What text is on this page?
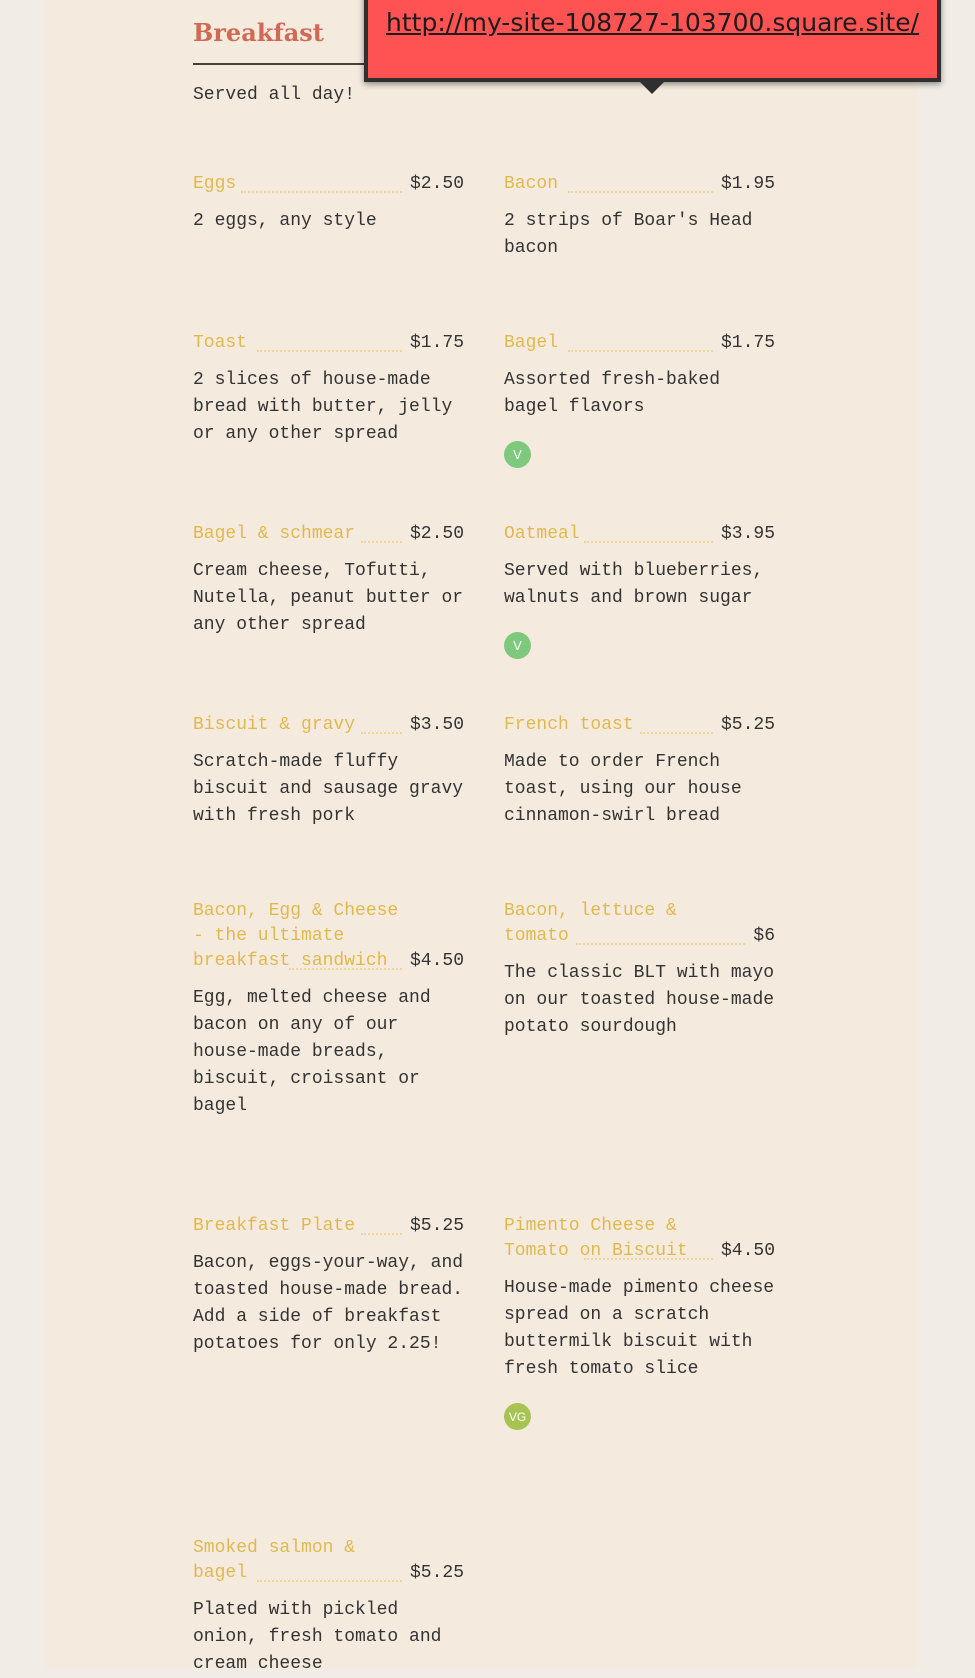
Breakfast
Served all day!
Eggs	$2.50
2 eggs, any style
Bacon	$1.95
2 strips of Boar's Head bacon
Toast	$1.75
2 slices of house-made bread with butter, jelly or any other spread
Bagel	$1.75
Assorted fresh-baked bagel flavors
V
Bagel & schmear	$2.50
Cream cheese, Tofutti, Nutella, peanut butter or any other spread
Oatmeal	$3.95
Served with blueberries, walnuts and brown sugar
V
Biscuit & gravy	$3.50
Scratch-made fluffy biscuit and sausage gravy with fresh pork
French toast	$5.25
Made to order French toast, using our house cinnamon-swirl bread
Bacon, Egg & Cheese - the ultimate breakfast sandwich	$4.50
Egg, melted cheese and bacon on any of our house-made breads, biscuit, croissant or bagel
Bacon, lettuce & tomato	$6
The classic BLT with mayo on our toasted house-made potato sourdough
Breakfast Plate	$5.25
Bacon, eggs-your-way, and toasted house-made bread. Add a side of breakfast potatoes for only 2.25!
Pimento Cheese & Tomato on Biscuit	$4.50
House-made pimento cheese spread on a scratch buttermilk biscuit with fresh tomato slice
VG
Smoked salmon & bagel	$5.25
Plated with pickled onion, fresh tomato and cream cheese
http://my-site-108727-103700.square.site/
